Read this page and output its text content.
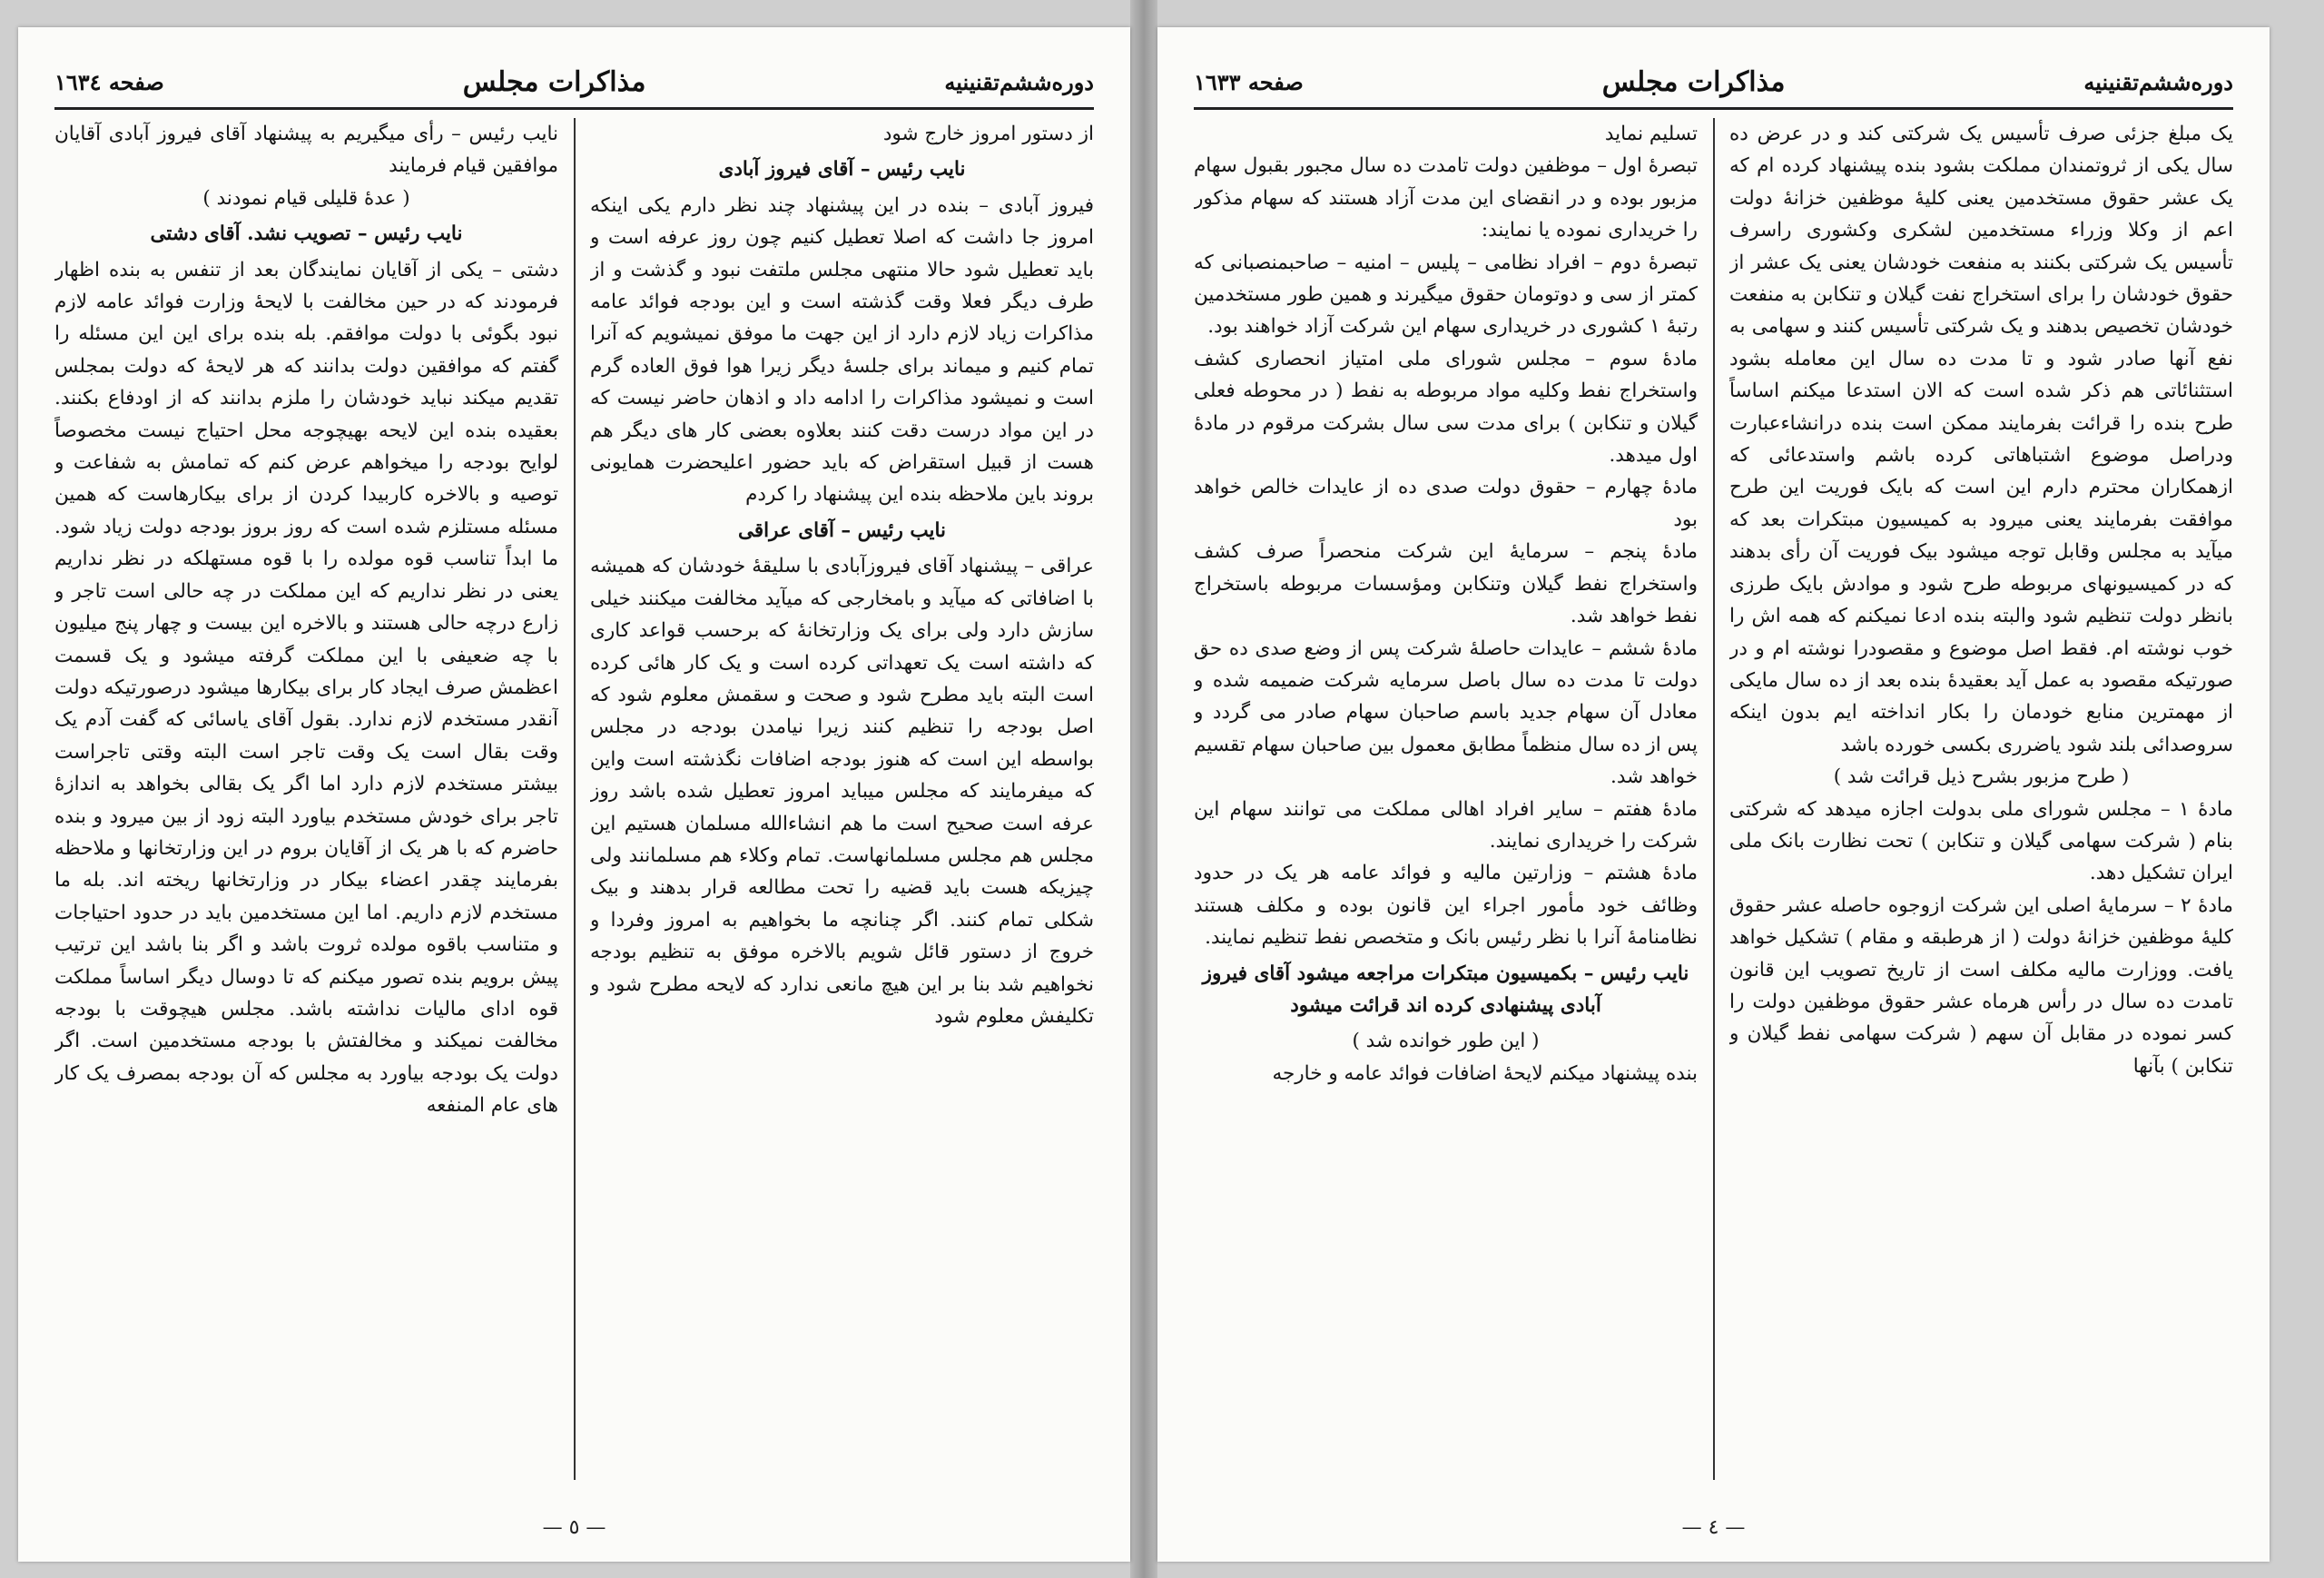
صفحه ۱٦۳٤	مذاکرات مجلس	دوره‌ششم‌تقنینیه

از دستور امروز خارج شود

نایب رئیس – آقای فیروز آبادی

فیروز آبادی – بنده در این پیشنهاد چند نظر دارم یکی اینکه امروز جا داشت که اصلا تعطیل کنیم چون روز عرفه است و باید تعطیل شود حالا منتهی مجلس ملتفت نبود و گذشت و از طرف دیگر فعلا وقت گذشته است و این بودجه فوائد عامه مذاکرات زیاد لازم دارد از این جهت ما موفق نمیشویم که آنرا تمام کنیم و میماند برای جلسهٔ دیگر زیرا هوا فوق العاده گرم است و نمیشود مذاکرات را ادامه داد و اذهان حاضر نیست که در این مواد درست دقت کنند بعلاوه بعضی کار های دیگر هم هست از قبیل استقراض که باید حضور اعلیحضرت همایونی بروند باین ملاحظه بنده این پیشنهاد را کردم

نایب رئیس – آقای عراقی

عراقی – پیشنهاد آقای فیروزآبادی با سلیقهٔ خودشان که همیشه با اضافاتی که میآید و بامخارجی که میآید مخالفت میکنند خیلی سازش دارد ولی برای یک وزارتخانهٔ که برحسب قواعد کاری که داشته است یک تعهداتی کرده است و یک کار هائی کرده است البته باید مطرح شود و صحت و سقمش معلوم شود که اصل بودجه را تنظیم کنند زیرا نیامدن بودجه در مجلس بواسطه این است که هنوز بودجه اضافات نگذشته است واین که میفرمایند که مجلس میباید امروز تعطیل شده باشد روز عرفه است صحیح است ما هم انشاءالله مسلمان هستیم این مجلس هم مجلس مسلمانهاست. تمام وکلاء هم مسلمانند ولی چیزیکه هست باید قضیه را تحت مطالعه قرار بدهند و بیک شکلی تمام کنند. اگر چنانچه ما بخواهیم به امروز وفردا و خروج از دستور قائل شویم بالاخره موفق به تنظیم بودجه نخواهیم شد بنا بر این هیچ مانعی ندارد که لایحه مطرح شود و تکلیفش معلوم شود

نایب رئیس – رأی میگیریم به پیشنهاد آقای فیروز آبادی آقایان موافقین قیام فرمایند

( عدهٔ قلیلی قیام نمودند )

نایب رئیس – تصویب نشد. آقای دشتی

دشتی – یکی از آقایان نمایندگان بعد از تنفس به بنده اظهار فرمودند که در حین مخالفت با لایحهٔ وزارت فوائد عامه لازم نبود بگوئی با دولت موافقم. بله بنده برای این این مسئله را گفتم که موافقین دولت بدانند که هر لایحهٔ که دولت بمجلس تقدیم میکند نباید خودشان را ملزم بدانند که از اودفاع بکنند. بعقیده بنده این لایحه بهیچوجه محل احتیاج نیست مخصوصاً لوایح بودجه را میخواهم عرض کنم که تمامش به شفاعت و توصیه و بالاخره کاربیدا کردن از برای بیکارهاست که همین مسئله مستلزم شده است که روز بروز بودجه دولت زیاد شود. ما ابداً تناسب قوه مولده را با قوه مستهلکه در نظر نداریم یعنی در نظر نداریم که این مملکت در چه حالی است تاجر و زارع درچه حالی هستند و بالاخره این بیست و چهار پنج میلیون با چه ضعیفی با این مملکت گرفته میشود و یک قسمت اعظمش صرف ایجاد کار برای بیکارها میشود درصورتیکه دولت آنقدر مستخدم لازم ندارد. بقول آقای یاسائی که گفت آدم یک وقت بقال است یک وقت تاجر است البته وقتی تاجراست بیشتر مستخدم لازم دارد اما اگر یک بقالی بخواهد به اندازهٔ تاجر برای خودش مستخدم بیاورد البته زود از بین میرود و بنده حاضرم که با هر یک از آقایان بروم در این وزارتخانها و ملاحظه بفرمایند چقدر اعضاء بیکار در وزارتخانها ریخته اند. بله ما مستخدم لازم داریم. اما این مستخدمین باید در حدود احتیاجات و متناسب باقوه مولده ثروت باشد و اگر بنا باشد این ترتیب پیش برویم بنده تصور میکنم که تا دوسال دیگر اساساً مملکت قوه ادای مالیات نداشته باشد. مجلس هیچوقت با بودجه مخالفت نمیکند و مخالفتش با بودجه مستخدمین است. اگر دولت یک بودجه بیاورد به مجلس که آن بودجه بمصرف یک کار های عام المنفعه

— ٥ —
صفحه ۱٦۳۳	مذاکرات مجلس	دوره‌ششم‌تقنینیه

یک مبلغ جزئی صرف تأسیس یک شرکتی کند و در عرض ده سال یکی از ثروتمندان مملکت بشود بنده پیشنهاد کرده ام که یک عشر حقوق مستخدمین یعنی کلیهٔ موظفین خزانهٔ دولت اعم از وکلا وزراء مستخدمین لشکری وکشوری راسرف تأسیس یک شرکتی بکنند به منفعت خودشان یعنی یک عشر از حقوق خودشان را برای استخراج نفت گیلان و تنکابن به منفعت خودشان تخصیص بدهند و یک شرکتی تأسیس کنند و سهامی به نفع آنها صادر شود و تا مدت ده سال این معامله بشود استثنائاتی هم ذکر شده است که الان استدعا میکنم اساساً طرح بنده را قرائت بفرمایند ممکن است بنده درانشاءعبارت ودراصل موضوع اشتباهاتی کرده باشم واستدعائی که ازهمکاران محترم دارم این است که بایک فوریت این طرح موافقت بفرمایند یعنی میرود به کمیسیون مبتکرات بعد که میآید به مجلس وقابل توجه میشود بیک فوریت آن رأی بدهند که در کمیسیونهای مربوطه طرح شود و موادش بایک طرزی بانظر دولت تنظیم شود والبته بنده ادعا نمیکنم که همه اش را خوب نوشته ام. فقط اصل موضوع و مقصودرا نوشته ام و در صورتیکه مقصود به عمل آید بعقیدهٔ بنده بعد از ده سال مایکی از مهمترین منابع خودمان را بکار انداخته ایم بدون اینکه سروصدائی بلند شود یاضرری بکسی خورده باشد

( طرح مزبور بشرح ذیل قرائت شد )

مادهٔ ۱ – مجلس شورای ملی بدولت اجازه میدهد که شرکتی بنام ( شرکت سهامی گیلان و تنکابن ) تحت نظارت بانک ملی ایران تشکیل دهد.

مادهٔ ۲ – سرمایهٔ اصلی این شرکت ازوجوه حاصله عشر حقوق کلیهٔ موظفین خزانهٔ دولت ( از هرطبقه و مقام ) تشکیل خواهد یافت. ووزارت مالیه مکلف است از تاریخ تصویب این قانون تامدت ده سال در رأس هرماه عشر حقوق موظفین دولت را کسر نموده در مقابل آن سهم ( شرکت سهامی نفط گیلان و تنکابن ) بآنها

تسلیم نماید

تبصرهٔ اول – موظفین دولت تامدت ده سال مجبور بقبول سهام مزبور بوده و در انقضای این مدت آزاد هستند که سهام مذکور را خریداری نموده یا نمایند:

تبصرهٔ دوم – افراد نظامی – پلیس – امنیه – صاحبمنصبانی که کمتر از سی و دوتومان حقوق میگیرند و همین طور مستخدمین رتبهٔ ۱ کشوری در خریداری سهام این شرکت آزاد خواهند بود.

مادهٔ سوم – مجلس شورای ملی امتیاز انحصاری کشف واستخراج نفط وکلیه مواد مربوطه به نفط ( در محوطه فعلی گیلان و تنکابن ) برای مدت سی سال بشرکت مرقوم در مادهٔ اول میدهد.

مادهٔ چهارم – حقوق دولت صدی ده از عایدات خالص خواهد بود

مادهٔ پنجم – سرمایهٔ این شرکت منحصراً صرف کشف واستخراج نفط گیلان وتنکابن ومؤسسات مربوطه باستخراج نفط خواهد شد.

مادهٔ ششم – عایدات حاصلهٔ شرکت پس از وضع صدی ده حق دولت تا مدت ده سال باصل سرمایه شرکت ضمیمه شده و معادل آن سهام جدید باسم صاحبان سهام صادر می گردد و پس از ده سال منظماً مطابق معمول بین صاحبان سهام تقسیم خواهد شد.

مادهٔ هفتم – سایر افراد اهالی مملکت می توانند سهام این شرکت را خریداری نمایند.

مادهٔ هشتم – وزارتین مالیه و فوائد عامه هر یک در حدود وظائف خود مأمور اجراء این قانون بوده و مکلف هستند نظامنامهٔ آنرا با نظر رئیس بانک و متخصص نفط تنظیم نمایند.

نایب رئیس – بکمیسیون مبتکرات مراجعه میشود آقای فیروز آبادی پیشنهادی کرده اند قرائت میشود

( این طور خوانده شد )

بنده پیشنهاد میکنم لایحهٔ اضافات فوائد عامه و خارجه

— ٤ —
